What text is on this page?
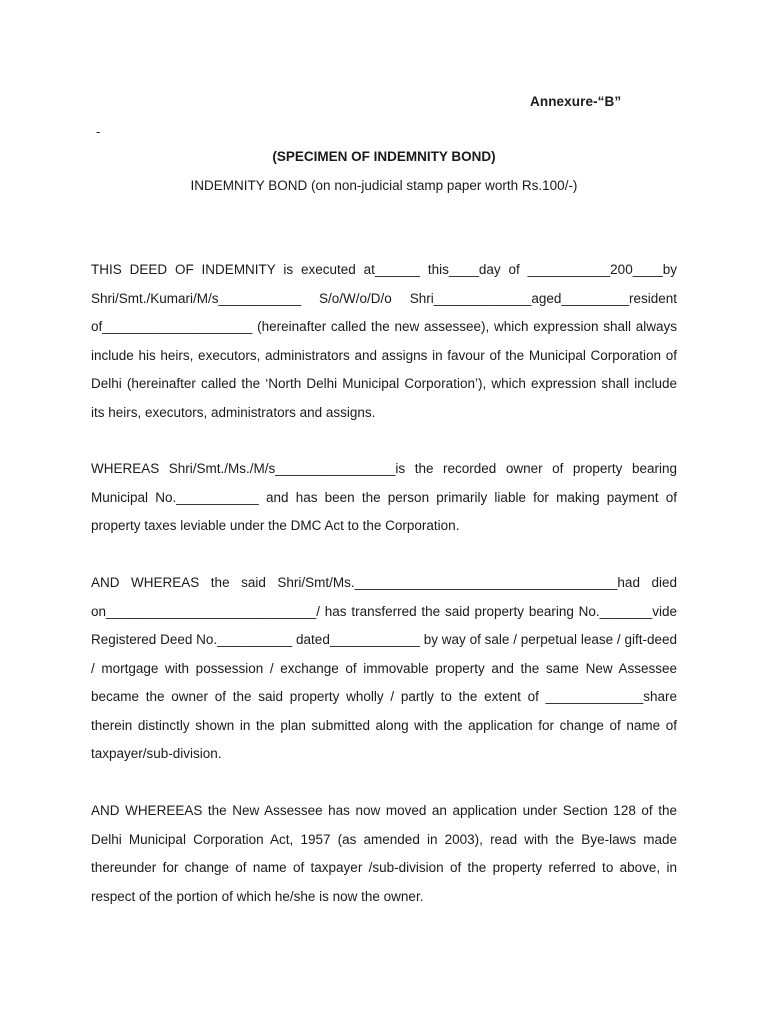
Annexure-“B”
-
(SPECIMEN OF INDEMNITY BOND)
INDEMNITY BOND (on non-judicial stamp paper worth Rs.100/-)

THIS DEED OF INDEMNITY is executed at______ this____day of ___________200____by Shri/Smt./Kumari/M/s___________ S/o/W/o/D/o Shri_____________aged_________resident of____________________ (hereinafter called the new assessee), which expression shall always include his heirs, executors, administrators and assigns in favour of the Municipal Corporation of Delhi (hereinafter called the ‘North Delhi Municipal Corporation’), which expression shall include its heirs, executors, administrators and assigns.

WHEREAS Shri/Smt./Ms./M/s________________is the recorded owner of property bearing Municipal No.___________ and has been the person primarily liable for making payment of property taxes leviable under the DMC Act to the Corporation.

AND WHEREAS the said Shri/Smt/Ms.___________________________________had died on____________________________/ has transferred the said property bearing No._______vide Registered Deed No.__________ dated____________ by way of sale / perpetual lease / gift-deed / mortgage with possession / exchange of immovable property and the same New Assessee became the owner of the said property wholly / partly to the extent of _____________share therein distinctly shown in the plan submitted along with the application for change of name of taxpayer/sub-division.

AND WHEREEAS the New Assessee has now moved an application under Section 128 of the Delhi Municipal Corporation Act, 1957 (as amended in 2003), read with the Bye-laws made thereunder for change of name of taxpayer /sub-division of the property referred to above, in respect of the portion of which he/she is now the owner.
